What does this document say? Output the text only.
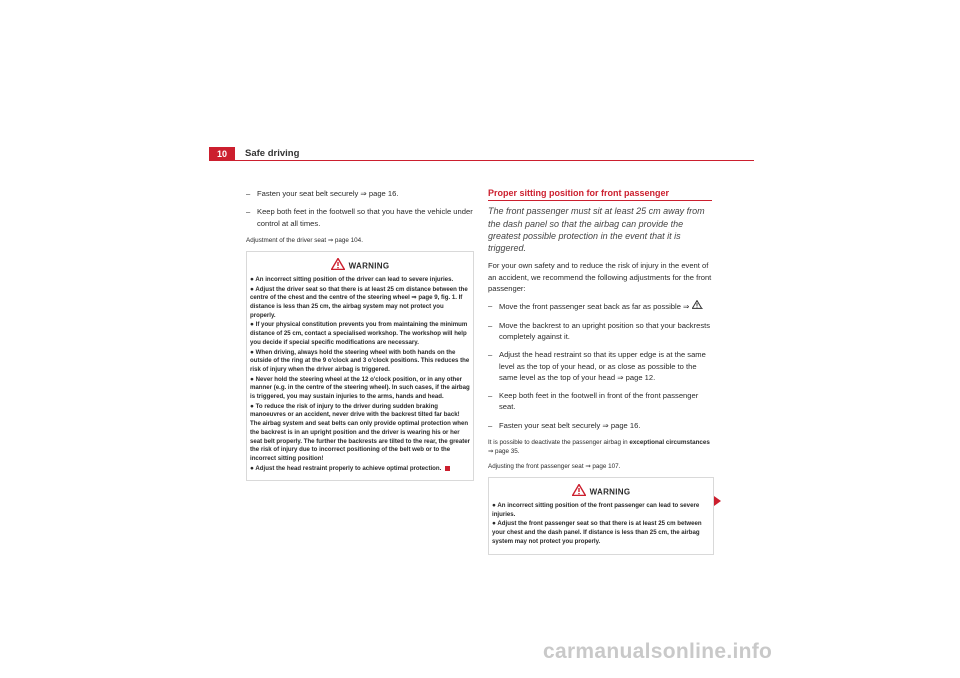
10	Safe driving
– Fasten your seat belt securely ⇒ page 16.
– Keep both feet in the footwell so that you have the vehicle under control at all times.
Adjustment of the driver seat ⇒ page 104.
WARNING

● An incorrect sitting position of the driver can lead to severe injuries.

● Adjust the driver seat so that there is at least 25 cm distance between the centre of the chest and the centre of the steering wheel ⇒ page 9, fig. 1. If distance is less than 25 cm, the airbag system may not protect you properly.

● If your physical constitution prevents you from maintaining the minimum distance of 25 cm, contact a specialised workshop. The workshop will help you decide if special specific modifications are necessary.

● When driving, always hold the steering wheel with both hands on the outside of the ring at the 9 o'clock and 3 o'clock positions. This reduces the risk of injury when the driver airbag is triggered.

● Never hold the steering wheel at the 12 o'clock position, or in any other manner (e.g. in the centre of the steering wheel). In such cases, if the airbag is triggered, you may sustain injuries to the arms, hands and head.

● To reduce the risk of injury to the driver during sudden braking manoeuvres or an accident, never drive with the backrest tilted far back! The airbag system and seat belts can only provide optimal protection when the backrest is in an upright position and the driver is wearing his or her seat belt properly. The further the backrests are tilted to the rear, the greater the risk of injury due to incorrect positioning of the belt web or to the incorrect sitting position!

● Adjust the head restraint properly to achieve optimal protection.

Proper sitting position for front passenger
The front passenger must sit at least 25 cm away from the dash panel so that the airbag can provide the greatest possible protection in the event that it is triggered.

For your own safety and to reduce the risk of injury in the event of an accident, we recommend the following adjustments for the front passenger:

– Move the front passenger seat back as far as possible ⇒ .
– Move the backrest to an upright position so that your backrests completely against it.
– Adjust the head restraint so that its upper edge is at the same level as the top of your head, or as close as possible to the same level as the top of your head ⇒ page 12.
– Keep both feet in the footwell in front of the front passenger seat.
– Fasten your seat belt securely ⇒ page 16.
It is possible to deactivate the passenger airbag in exceptional circumstances ⇒ page 35.
Adjusting the front passenger seat ⇒ page 107.
WARNING

● An incorrect sitting position of the front passenger can lead to severe injuries.

● Adjust the front passenger seat so that there is at least 25 cm between your chest and the dash panel. If distance is less than 25 cm, the airbag system may not protect you properly.

carmanualsonline.info
